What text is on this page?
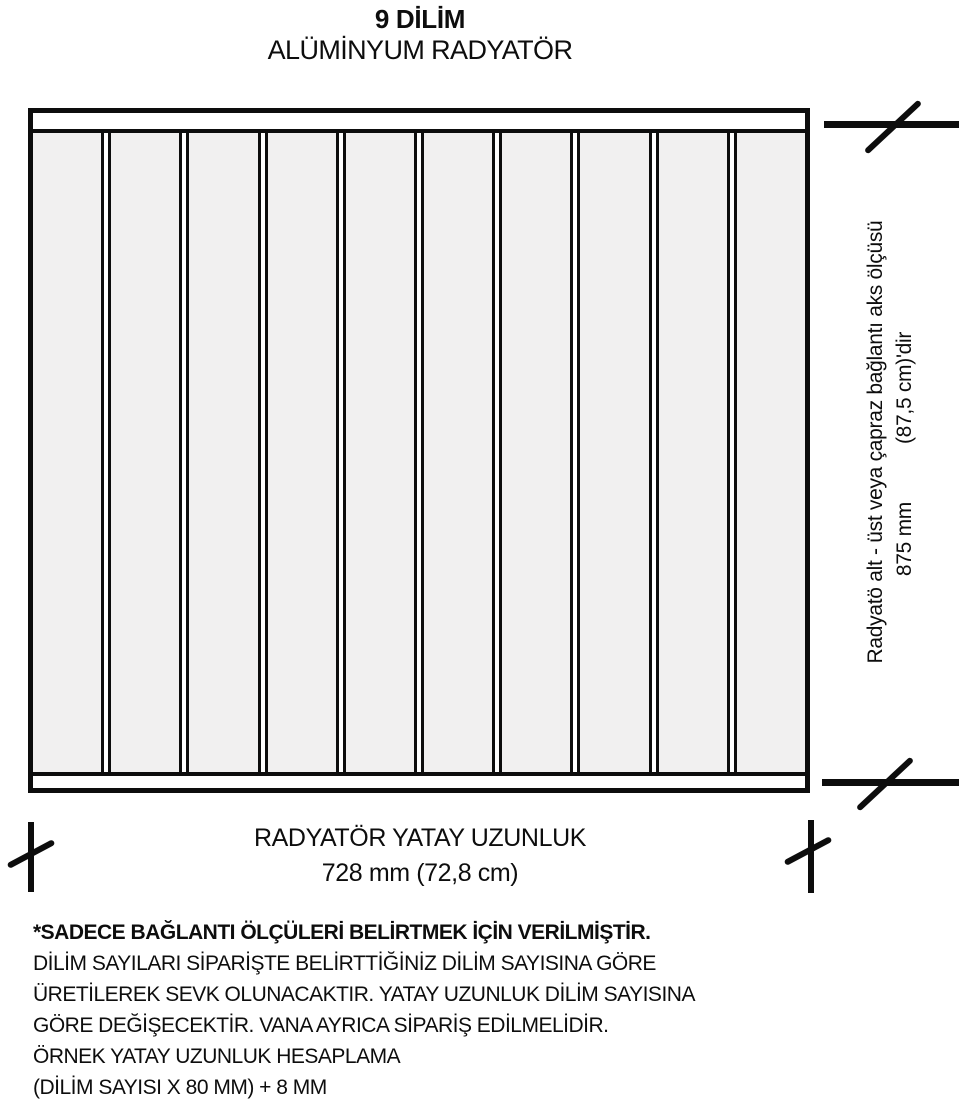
9 DİLİM
ALÜMİNYUM RADYATÖR
Radyatö alt - üst veya çapraz bağlantı aks ölçüsü 875 mm
(87,5 cm)'dir
RADYATÖR YATAY UZUNLUK
728 mm (72,8 cm)
*SADECE BAĞLANTI ÖLÇÜLERİ BELİRTMEK İÇİN VERİLMİŞTİR.
DİLİM SAYILARI SİPARİŞTE BELİRTTİĞİNİZ DİLİM SAYISINA GÖRE
ÜRETİLEREK SEVK OLUNACAKTIR. YATAY UZUNLUK DİLİM SAYISINA
GÖRE DEĞİŞECEKTİR. VANA AYRICA SİPARİŞ EDİLMELİDİR.
ÖRNEK YATAY UZUNLUK HESAPLAMA
(DİLİM SAYISI X 80 MM) + 8 MM
